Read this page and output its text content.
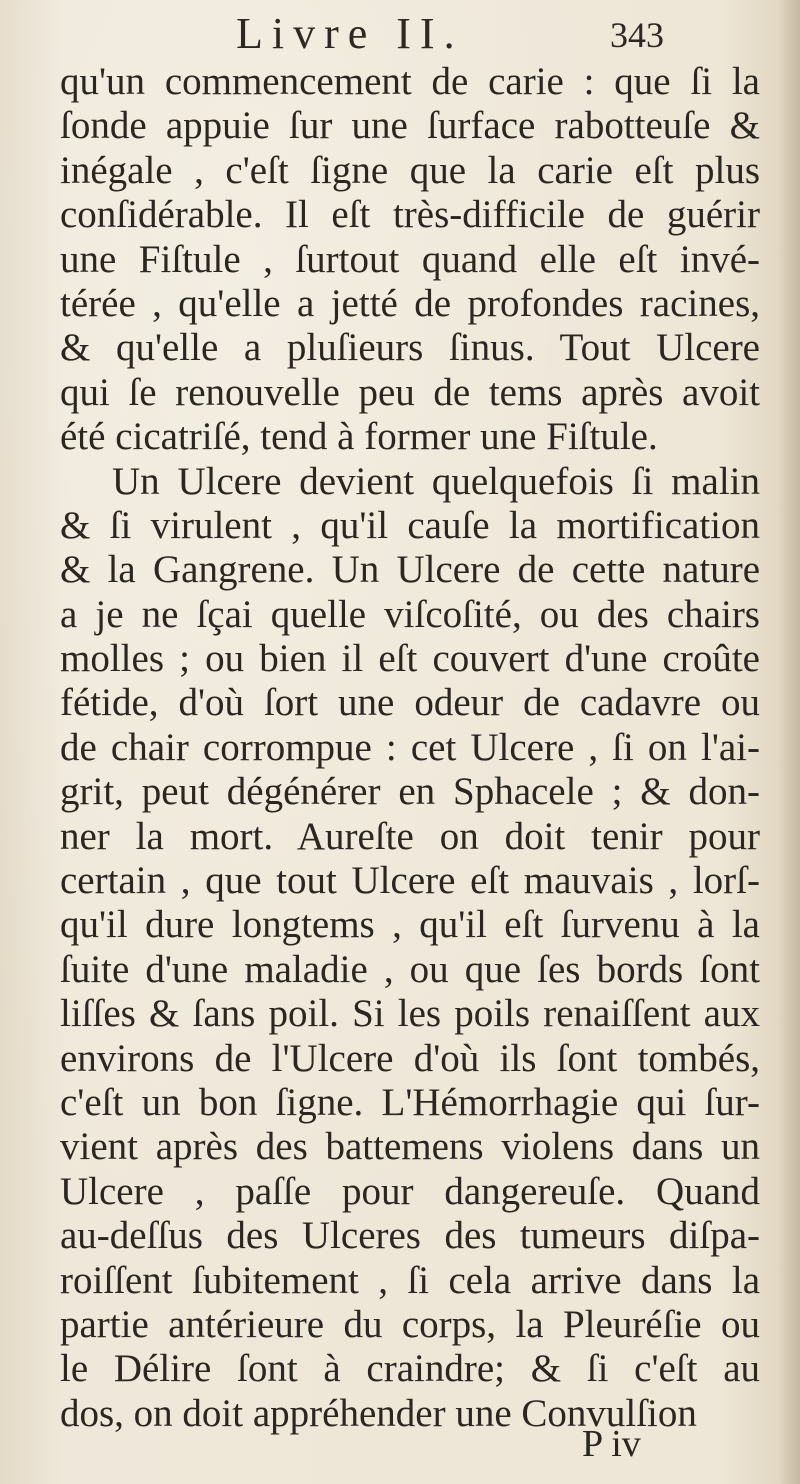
Livre II.	343
qu'un commencement de carie : que ſi la
ſonde appuie ſur une ſurface rabotteuſe &
inégale , c'eſt ſigne que la carie eſt plus
conſidérable. Il eſt très-difficile de guérir
une Fiſtule , ſurtout quand elle eſt invé-
térée , qu'elle a jetté de profondes racines,
& qu'elle a pluſieurs ſinus. Tout Ulcere
qui ſe renouvelle peu de tems après avoit
été cicatriſé, tend à former une Fiſtule.
Un Ulcere devient quelquefois ſi malin
& ſi virulent , qu'il cauſe la mortification
& la Gangrene. Un Ulcere de cette nature
a je ne ſçai quelle viſcoſité, ou des chairs
molles ; ou bien il eſt couvert d'une croûte
fétide, d'où ſort une odeur de cadavre ou
de chair corrompue : cet Ulcere , ſi on l'ai-
grit, peut dégénérer en Sphacele ; & don-
ner la mort. Aureſte on doit tenir pour
certain , que tout Ulcere eſt mauvais , lorſ-
qu'il dure longtems , qu'il eſt ſurvenu à la
ſuite d'une maladie , ou que ſes bords ſont
liſſes & ſans poil. Si les poils renaiſſent aux
environs de l'Ulcere d'où ils ſont tombés,
c'eſt un bon ſigne. L'Hémorrhagie qui ſur-
vient après des battemens violens dans un
Ulcere , paſſe pour dangereuſe. Quand
au-deſſus des Ulceres des tumeurs diſpa-
roiſſent ſubitement , ſi cela arrive dans la
partie antérieure du corps, la Pleuréſie ou
le Délire ſont à craindre; & ſi c'eſt au
dos, on doit appréhender une Convulſion
P iv
